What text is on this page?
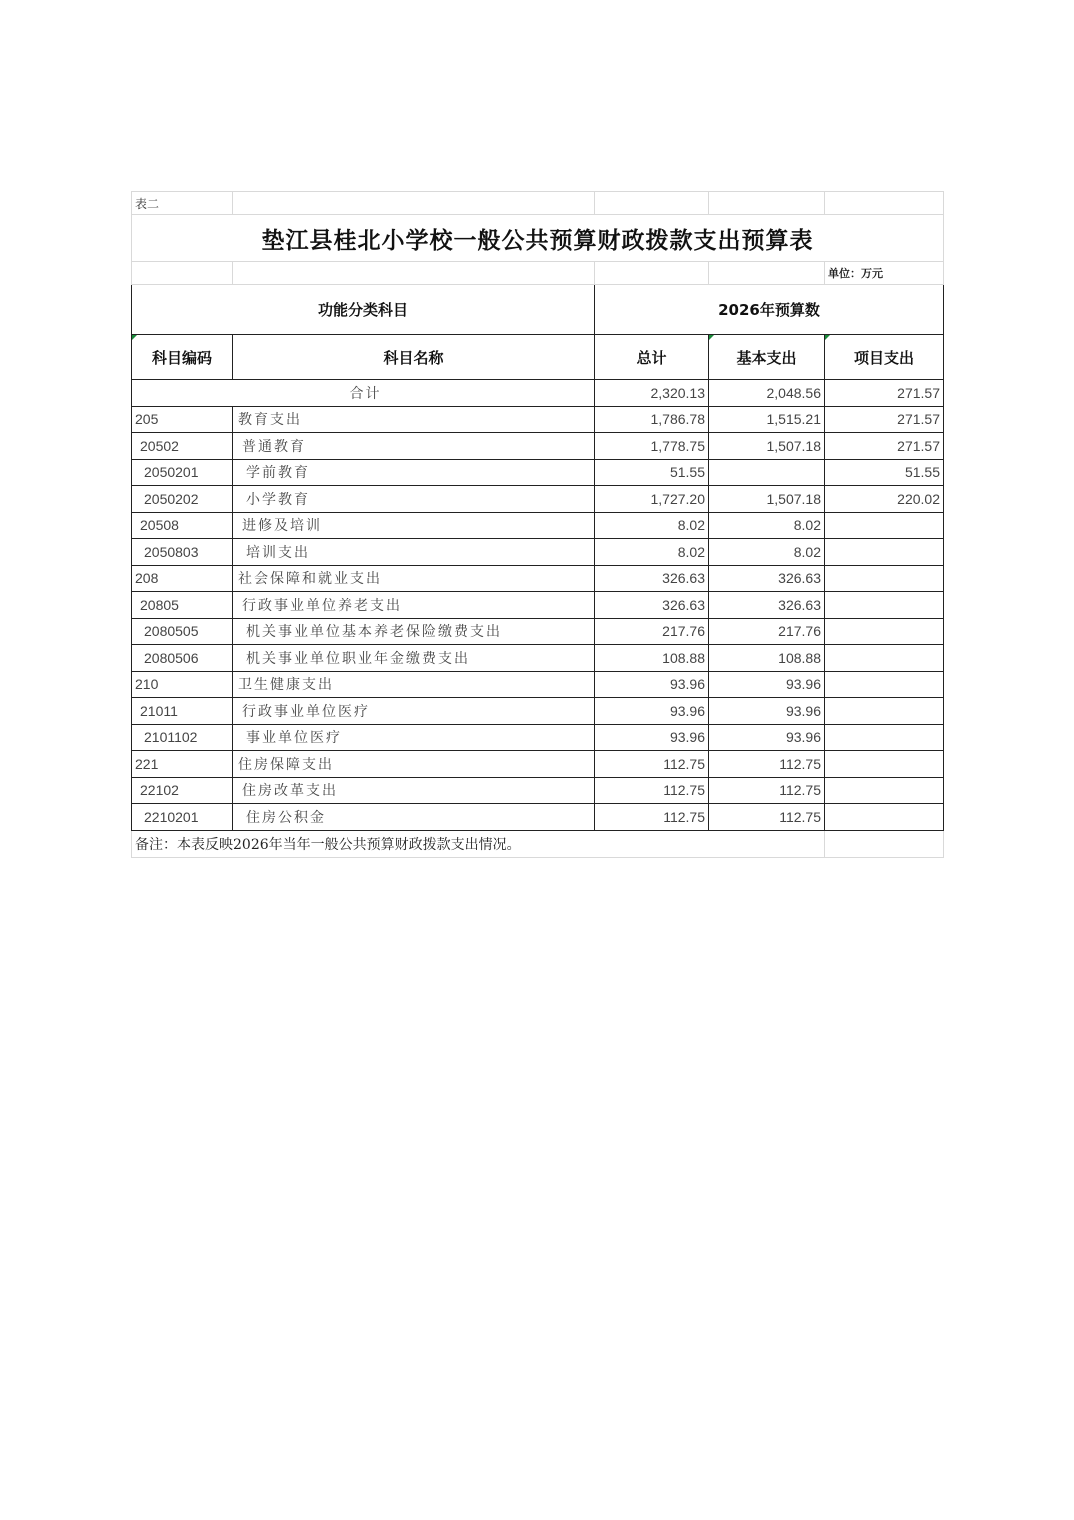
表二				
垫江县桂北小学校一般公共预算财政拨款支出预算表				
				单位：万元
功能分类科目		2026年预算数		

科目编码	科目名称	总计	基本支出	项目支出
合计		2,320.13	2,048.56	271.57
205	教育支出	1,786.78	1,515.21	271.57
20502	普通教育	1,778.75	1,507.18	271.57
2050201	学前教育	51.55		51.55
2050202	小学教育	1,727.20	1,507.18	220.02
20508	进修及培训	8.02	8.02	
2050803	培训支出	8.02	8.02	
208	社会保障和就业支出	326.63	326.63	
20805	行政事业单位养老支出	326.63	326.63	
2080505	机关事业单位基本养老保险缴费支出	217.76	217.76	
2080506	机关事业单位职业年金缴费支出	108.88	108.88	
210	卫生健康支出	93.96	93.96	
21011	行政事业单位医疗	93.96	93.96	
2101102	事业单位医疗	93.96	93.96	
221	住房保障支出	112.75	112.75	
22102	住房改革支出	112.75	112.75	
2210201	住房公积金	112.75	112.75	
备注：本表反映2026年当年一般公共预算财政拨款支出情况。				
